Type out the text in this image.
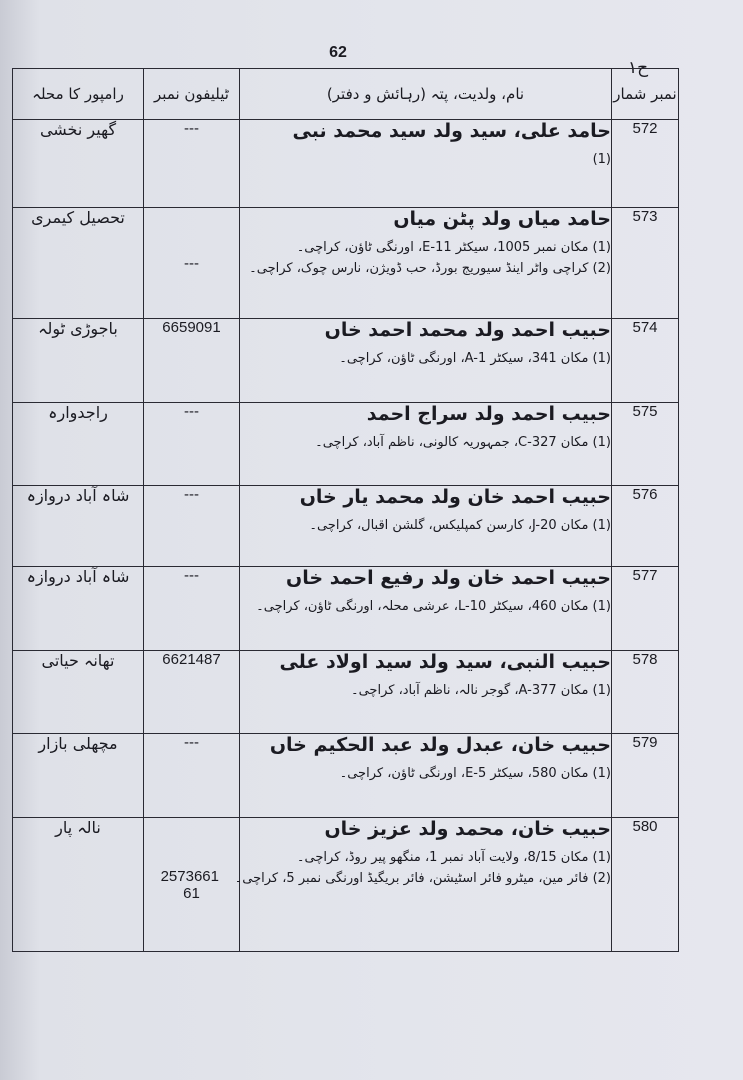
62
ح١
نمبر شمار	نام، ولدیت، پتہ (رہائش و دفتر)	ٹیلیفون نمبر	رامپور کا محلہ
572	حامد علی، سید ولد سید محمد نبی
(1)	---	گھیر نخشی
573	حامد میاں ولد پٹن میاں
(1) مکان نمبر 1005، سیکٹر 11-E، اورنگی ٹاؤن، کراچی۔
(2) کراچی واٹر اینڈ سیوریج بورڈ، حب ڈویژن، نارس چوک، کراچی۔	---	تحصیل کیمری
574	حبیب احمد ولد محمد احمد خاں
(1) مکان 341، سیکٹر A-1، اورنگی ٹاؤن، کراچی۔	6659091	باجوڑی ٹولہ
575	حبیب احمد ولد سراج احمد
(1) مکان C-327، جمہوریہ کالونی، ناظم آباد، کراچی۔	---	راجدوارہ
576	حبیب احمد خان ولد محمد یار خاں
(1) مکان J-20، کارسن کمپلیکس، گلشن اقبال، کراچی۔	---	شاہ آباد دروازہ
577	حبیب احمد خان ولد رفیع احمد خاں
(1) مکان 460، سیکٹر L-10، عرشی محلہ، اورنگی ٹاؤن، کراچی۔	---	شاہ آباد دروازہ
578	حبیب النبی، سید ولد سید اولاد علی
(1) مکان A-377، گوجر نالہ، ناظم آباد، کراچی۔	6621487	تھانہ حیاتی
579	حبیب خان، عبدل ولد عبد الحکیم خاں
(1) مکان 580، سیکٹر E-5، اورنگی ٹاؤن، کراچی۔	---	مچھلی بازار
580	حبیب خان، محمد ولد عزیز خاں
(1) مکان 8/15، ولایت آباد نمبر 1، منگھو پیر روڈ، کراچی۔
(2) فائر مین، میٹرو فائر اسٹیشن، فائر بریگیڈ اورنگی نمبر 5، کراچی۔	2573661 61	نالہ پار
